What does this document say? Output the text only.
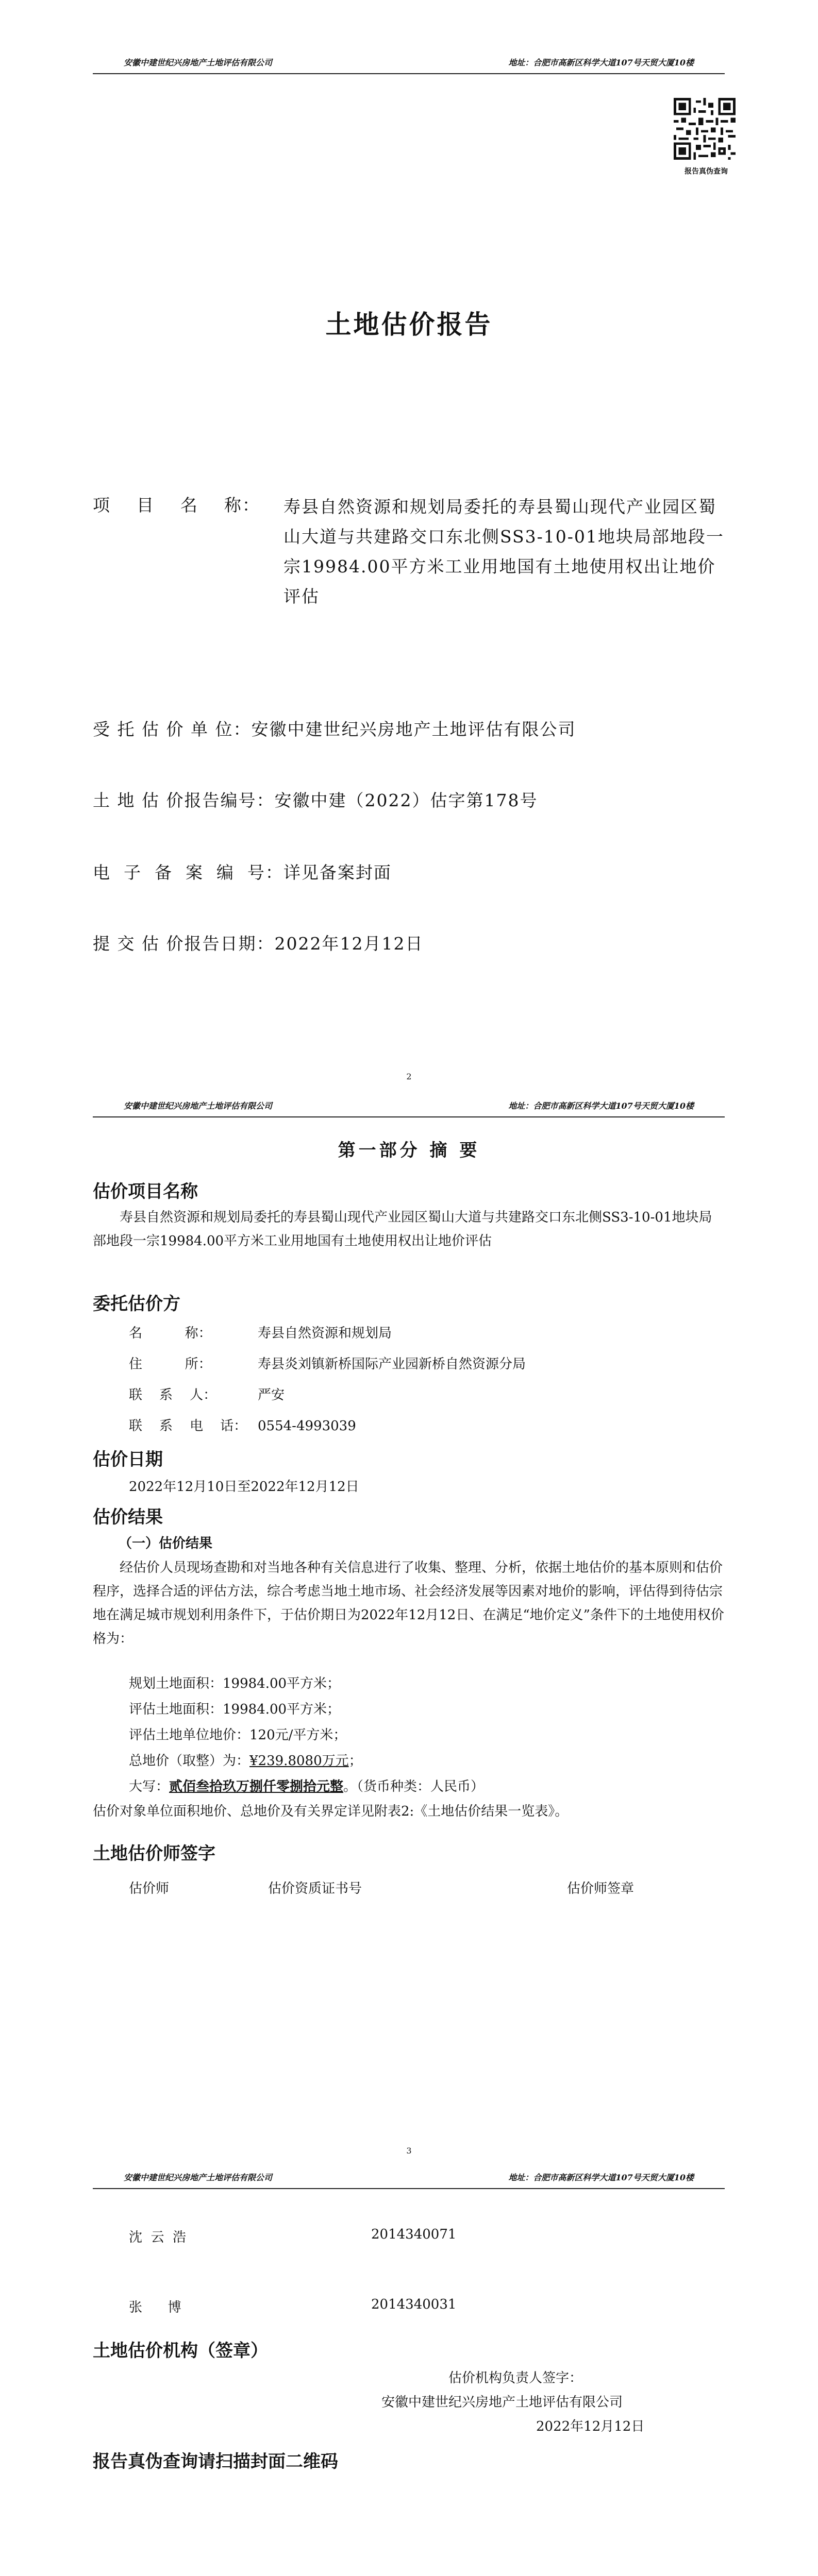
安徽中建世纪兴房地产土地评估有限公司	地址：合肥市高新区科学大道107号天贸大厦10楼
报告真伪查询
土地估价报告
项    目    名    称： 寿县自然资源和规划局委托的寿县蜀山现代产业园区蜀山大道与共建路交口东北侧SS3-10-01地块局部地段一宗19984.00平方米工业用地国有土地使用权出让地价评估
受 托 估 价 单 位：安徽中建世纪兴房地产土地评估有限公司
土 地 估 价报告编号：安徽中建（2022）估字第178号
电  子  备  案  编  号：详见备案封面
提 交 估 价报告日期：2022年12月12日
2
安徽中建世纪兴房地产土地评估有限公司	地址：合肥市高新区科学大道107号天贸大厦10楼
第一部分 摘 要
估价项目名称
寿县自然资源和规划局委托的寿县蜀山现代产业园区蜀山大道与共建路交口东北侧SS3-10-01地块局部地段一宗19984.00平方米工业用地国有土地使用权出让地价评估
委托估价方
名          称：	寿县自然资源和规划局
住          所：	寿县炎刘镇新桥国际产业园新桥自然资源分局
联    系    人：	严安
联    系    电    话： 0554-4993039
估价日期
2022年12月10日至2022年12月12日
估价结果
（一）估价结果
经估价人员现场查勘和对当地各种有关信息进行了收集、整理、分析，依据土地估价的基本原则和估价程序，选择合适的评估方法，综合考虑当地土地市场、社会经济发展等因素对地价的影响，评估得到待估宗地在满足城市规划利用条件下，于估价期日为2022年12月12日、在满足“地价定义”条件下的土地使用权价格为：
规划土地面积：19984.00平方米；
评估土地面积：19984.00平方米；
评估土地单位地价：120元/平方米；
总地价（取整）为：¥239.8080万元；
大写：贰佰叁拾玖万捌仟零捌拾元整。（货币种类：人民币）
估价对象单位面积地价、总地价及有关界定详见附表2:《土地估价结果一览表》。
土地估价师签字
估价师	估价资质证书号	估价师签章
3
安徽中建世纪兴房地产土地评估有限公司	地址：合肥市高新区科学大道107号天贸大厦10楼
沈  云  浩	2014340071
张      博	2014340031
土地估价机构（签章）
估价机构负责人签字：
安徽中建世纪兴房地产土地评估有限公司
2022年12月12日
报告真伪查询请扫描封面二维码
